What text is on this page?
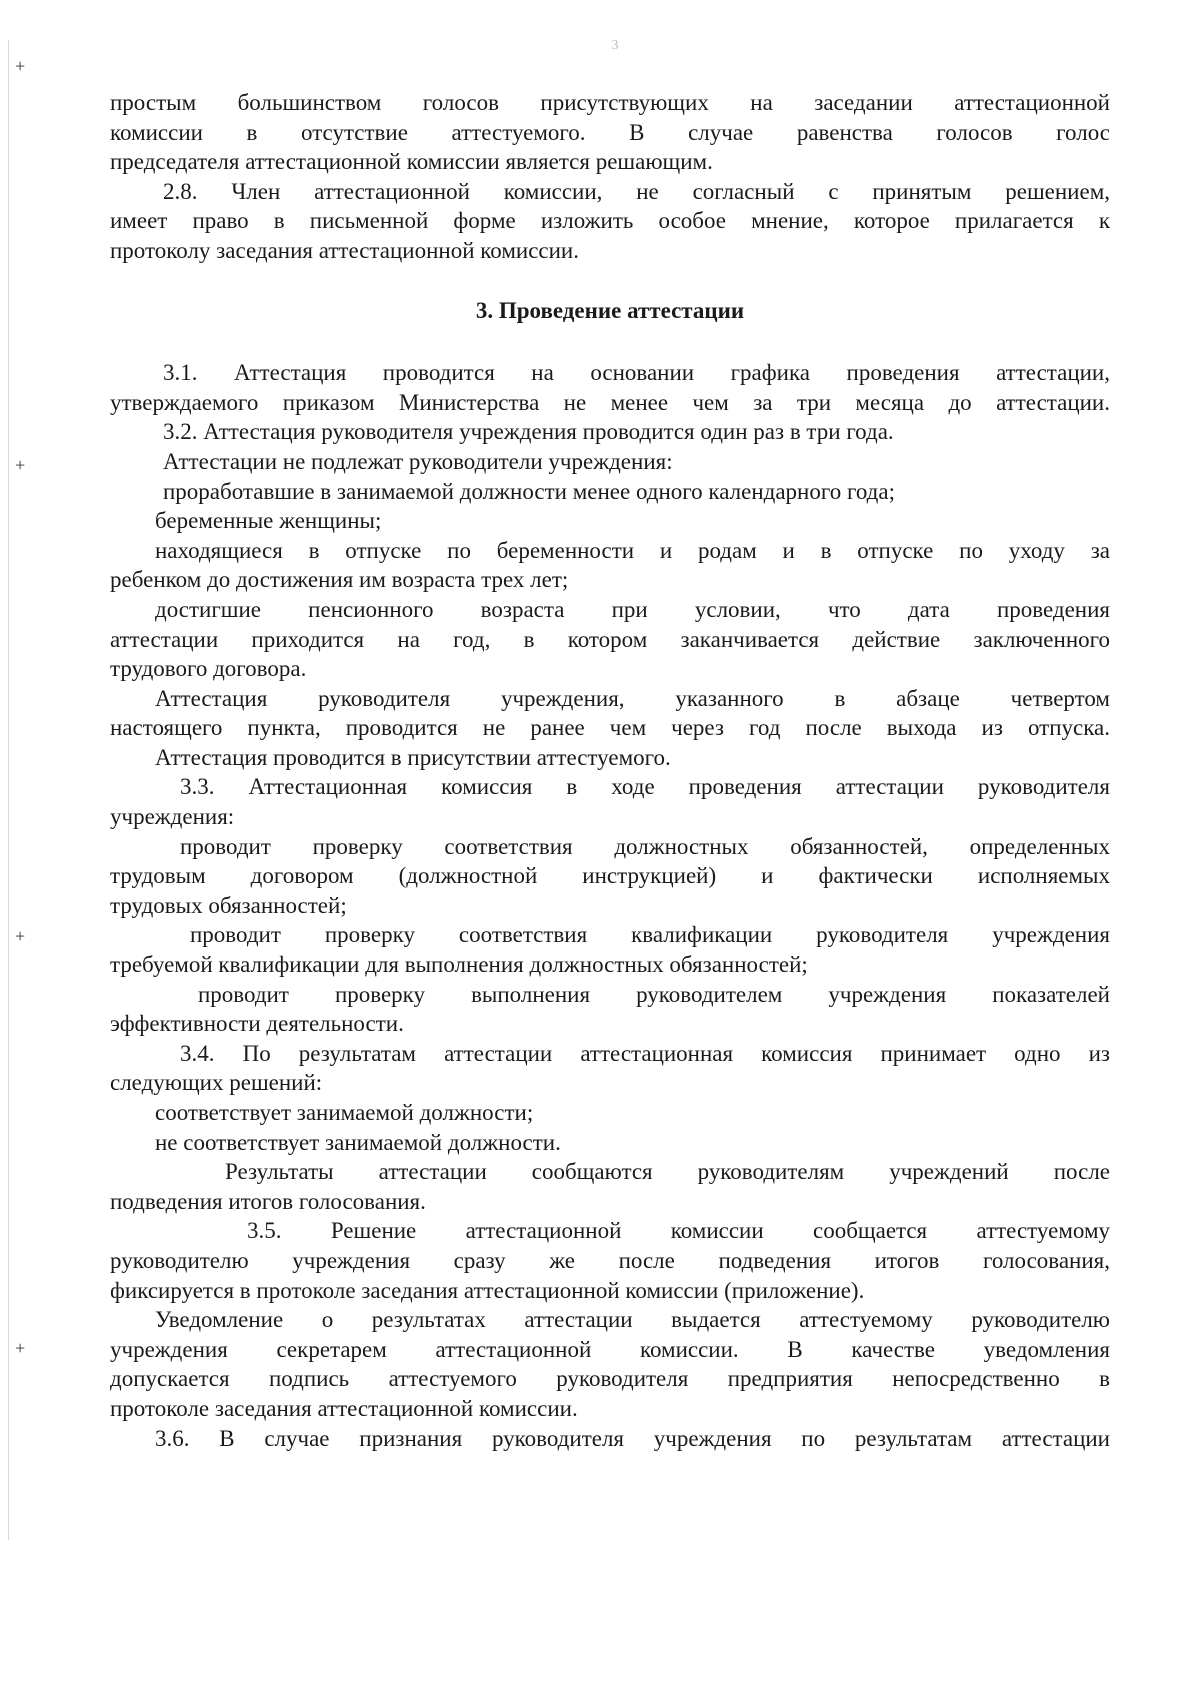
3
+
+
+
+

простым большинством голосов присутствующих на заседании аттестационной

комиссии в отсутствие аттестуемого. В случае равенства голосов голос

председателя аттестационной комиссии является решающим.

2.8. Член аттестационной комиссии, не согласный с принятым решением,

имеет право в письменной форме изложить особое мнение, которое прилагается к

протоколу заседания аттестационной комиссии.

3. Проведение аттестации

3.1. Аттестация проводится на основании графика проведения аттестации,

утверждаемого приказом Министерства не менее чем за три месяца до аттестации.

3.2. Аттестация руководителя учреждения проводится один раз в три года.

Аттестации не подлежат руководители учреждения:

проработавшие в занимаемой должности менее одного календарного года;

беременные женщины;

находящиеся в отпуске по беременности и родам и в отпуске по уходу за

ребенком до достижения им возраста трех лет;

достигшие пенсионного возраста при условии, что дата проведения

аттестации приходится на год, в котором заканчивается действие заключенного

трудового договора.

Аттестация руководителя учреждения, указанного в абзаце четвертом

настоящего пункта, проводится не ранее чем через год после выхода из отпуска.

Аттестация проводится в присутствии аттестуемого.

3.3. Аттестационная комиссия в ходе проведения аттестации руководителя

учреждения:

проводит проверку соответствия должностных обязанностей, определенных

трудовым договором (должностной инструкцией) и фактически исполняемых

трудовых обязанностей;

проводит проверку соответствия квалификации руководителя учреждения

требуемой квалификации для выполнения должностных обязанностей;

проводит проверку выполнения руководителем учреждения показателей

эффективности деятельности.

3.4. По результатам аттестации аттестационная комиссия принимает одно из

следующих решений:

соответствует занимаемой должности;

не соответствует занимаемой должности.

Результаты аттестации сообщаются руководителям учреждений после

подведения итогов голосования.

3.5. Решение аттестационной комиссии сообщается аттестуемому

руководителю учреждения сразу же после подведения итогов голосования,

фиксируется в протоколе заседания аттестационной комиссии (приложение).

Уведомление о результатах аттестации выдается аттестуемому руководителю

учреждения секретарем аттестационной комиссии. В качестве уведомления

допускается подпись аттестуемого руководителя предприятия непосредственно в

протоколе заседания аттестационной комиссии.

3.6. В случае признания руководителя учреждения по результатам аттестации
